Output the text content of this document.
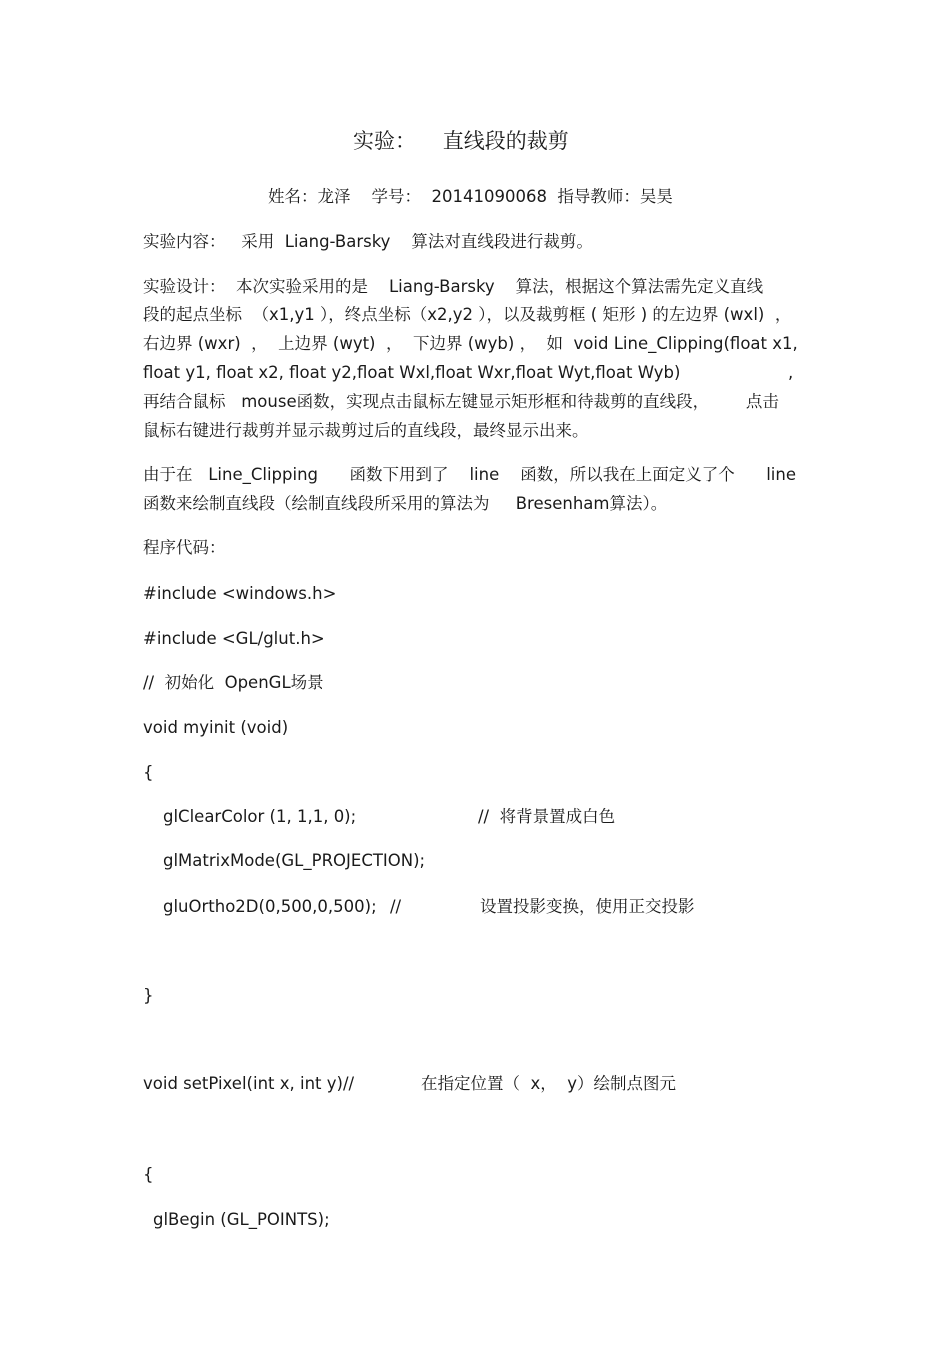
实验：    直线段的裁剪
姓名：龙泽    学号：  20141090068  指导教师：吴昊
实验内容：   采用  Liang-Barsky    算法对直线段进行裁剪。
实验设计：  本次实验采用的是    Liang-Barsky    算法，根据这个算法需先定义直线
段的起点坐标  （x1,y1 ），终点坐标（x2,y2 ），以及裁剪框 ( 矩形 ) 的左边界 (wxl)  ，
右边界 (wxr)  ，  上边界 (wyt)  ，  下边界 (wyb) ，  如  void Line_Clipping(float x1,
float y1, float x2, float y2,float Wxl,float Wxr,float Wyt,float Wyb)	,
再结合鼠标   mouse函数，实现点击鼠标左键显示矩形框和待裁剪的直线段，       点击
鼠标右键进行裁剪并显示裁剪过后的直线段，最终显示出来。
由于在   Line_Clipping      函数下用到了    line    函数，所以我在上面定义了个      line
函数来绘制直线段（绘制直线段所采用的算法为     Bresenham算法）。
程序代码：
#include <windows.h>
#include <GL/glut.h>
//  初始化  OpenGL场景
void myinit (void)
{
glClearColor (1, 1,1, 0);	//  将背景置成白色
glMatrixMode(GL_PROJECTION);
gluOrtho2D(0,500,0,500); //	设置投影变换，使用正交投影
}
void setPixel(int x, int y)//	在指定位置（  x，  y）绘制点图元
{
glBegin (GL_POINTS);
